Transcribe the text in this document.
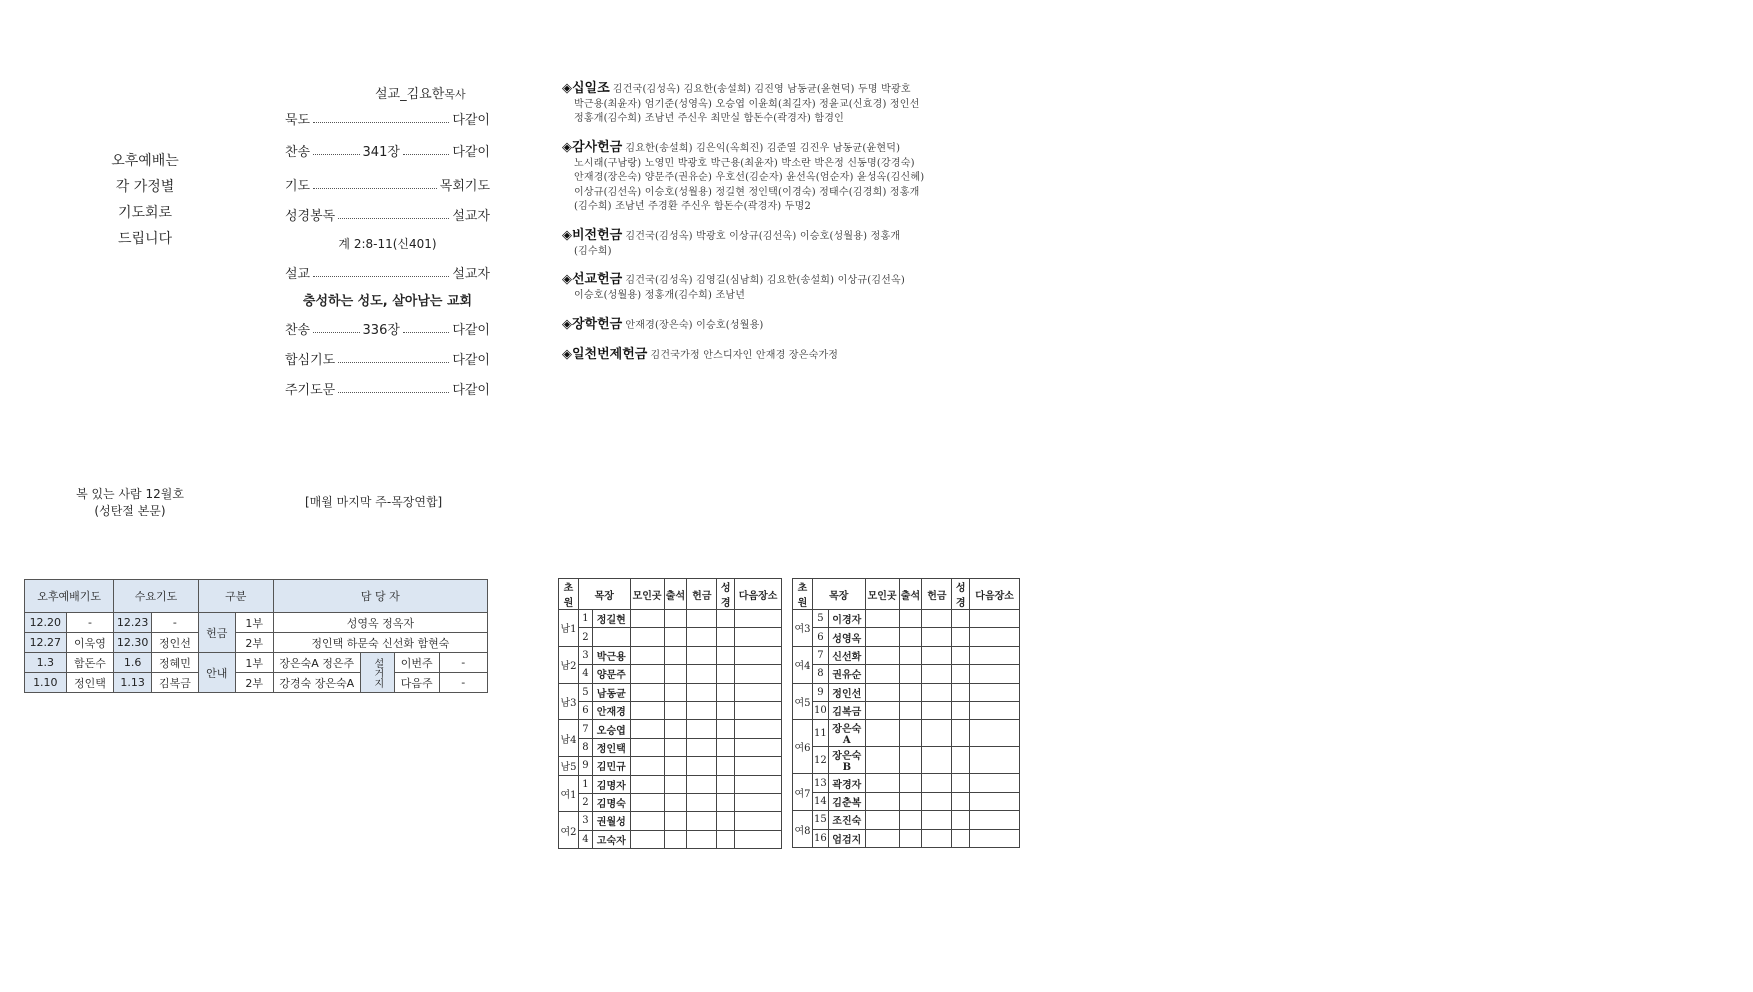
오후예배는
각 가정별
기도회로
드립니다
설교_김요한목사
묵도	다같이
찬송	341장	다같이
기도	목회기도
성경봉독	설교자
계 2:8-11(신401)
설교	설교자
충성하는 성도, 살아남는 교회
찬송	336장	다같이
합심기도	다같이
주기도문	다같이
◈십일조 김건국(김성옥) 김요한(송설희) 김진영 남동균(윤현덕) 두명 박광호
박근용(최윤자) 엄기준(성영옥) 오승엽 이윤희(최길자) 정윤교(신효경) 정인선
정홍개(김수희) 조남년 주신우 최만실 함돈수(곽경자) 함경인
◈감사헌금 김요한(송설희) 김은익(옥희진) 김준열 김진우 남동균(윤현덕)
노시래(구남랑) 노영민 박광호 박근용(최윤자) 박소란 박은정 신동명(강경숙)
안재경(장은숙) 양문주(권유순) 우호선(김순자) 윤선옥(엄순자) 윤성옥(김신혜)
이상규(김선옥) 이승호(성월용) 정길현 정인택(이경숙) 정태수(김경희) 정홍개
(김수희) 조남년 주경환 주신우 함돈수(곽경자) 두명2
◈비전헌금 김건국(김성옥) 박광호 이상규(김선옥) 이승호(성월용) 정홍개
(김수희)
◈선교헌금 김건국(김성옥) 김영길(심남희) 김요한(송설희) 이상규(김선옥)
이승호(성월용) 정홍개(김수희) 조남년
◈장학헌금 안재경(장은숙) 이승호(성월용)
◈일천번제헌금 김건국가정 안스디자인 안재경 장은숙가정
복 있는 사람 12월호
(성탄절 본문)
[매월 마지막 주-목장연합]
오후예배기도		수요기도		구분		담 당 자			
12.20	-	12.23	-	헌금	1부	성영옥 정옥자			
12.27	이욱영	12.30	정인선		2부	정인택 하문숙 신선화 함현숙			
1.3	함돈수	1.6	정혜민	안내	1부	장은숙A 정은주	설거지	이번주	-
1.10	정인택	1.13	김복금		2부	강경숙 장은숙A		다음주	-
초원	목장		모인곳	출석	헌금	성경	다음장소
남1	1	정길현					
	2						
남2	3	박근용					
	4	양문주					
남3	5	남동균					
	6	안재경					
남4	7	오승엽					
	8	정인택					
남5	9	김민규					
여1	1	김명자					
	2	김명숙					
여2	3	권월성					
	4	고숙자					
초원	목장		모인곳	출석	헌금	성경	다음장소
여3	5	이경자					
	6	성영옥					
여4	7	신선화					
	8	권유순					
여5	9	정인선					
	10	김복금					
여6	11	장은숙A					
	12	장은숙B					
여7	13	곽경자					
	14	김춘복					
여8	15	조진숙					
	16	엄검지					
